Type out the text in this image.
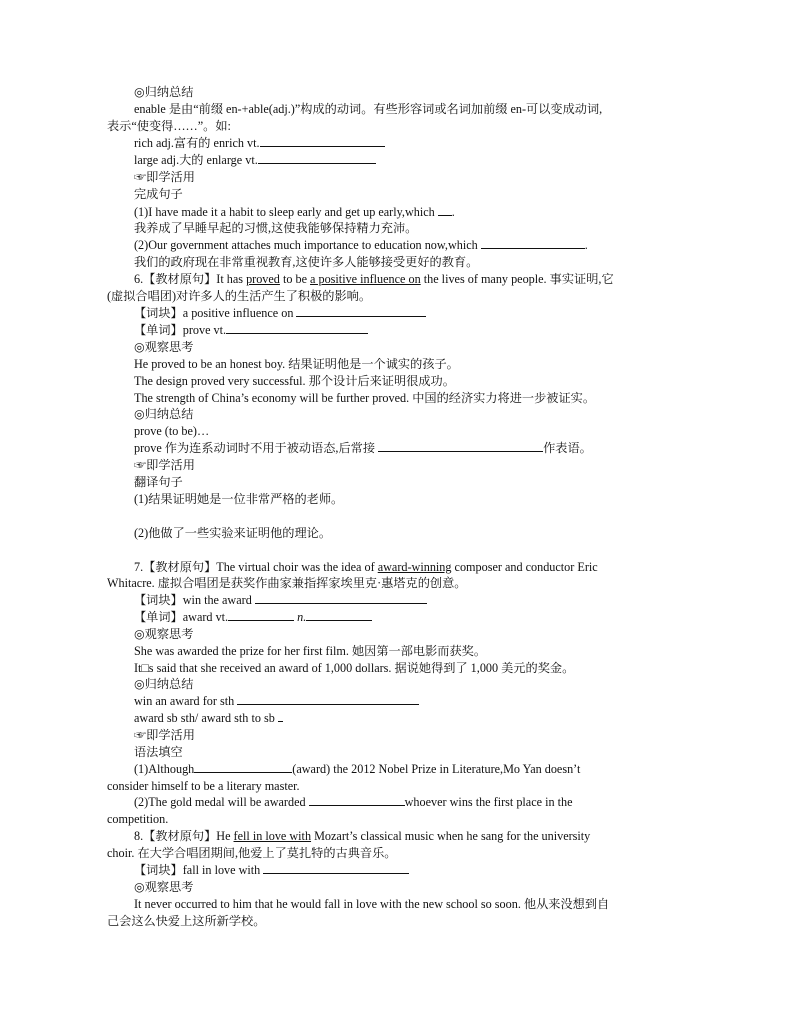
◎归纳总结
enable 是由“前缀 en-+able(adj.)”构成的动词。有些形容词或名词加前缀 en-可以变成动词,
表示“使变得……”。如:
rich adj.富有的 enrich vt.
large adj.大的 enlarge vt.
☞即学活用
完成句子
(1)I have made it a habit to sleep early and get up early,which .
我养成了早睡早起的习惯,这使我能够保持精力充沛。
(2)Our government attaches much importance to education now,which	.
我们的政府现在非常重视教育,这使许多人能够接受更好的教育。
6.【教材原句】It has proved to be a positive influence on the lives of many people. 事实证明,它
(虚拟合唱团)对许多人的生活产生了积极的影响。
【词块】a positive influence on
【单词】prove vt.
◎观察思考
He proved to be an honest boy. 结果证明他是一个诚实的孩子。
The design proved very successful. 那个设计后来证明很成功。
The strength of China’s economy will be further proved. 中国的经济实力将进一步被证实。
◎归纳总结
prove (to be)…
prove 作为连系动词时不用于被动语态,后常接	作表语。
☞即学活用
翻译句子
(1)结果证明她是一位非常严格的老师。
(2)他做了一些实验来证明他的理论。
7.【教材原句】The virtual choir was the idea of award-winning composer and conductor Eric
Whitacre. 虚拟合唱团是获奖作曲家兼指挥家埃里克·惠塔克的创意。
【词块】win the award
【单词】award vt.	n.
◎观察思考
She was awarded the prize for her first film. 她因第一部电影而获奖。
It□s said that she received an award of 1,000 dollars. 据说她得到了 1,000 美元的奖金。
◎归纳总结
win an award for sth
award sb sth/ award sth to sb
☞即学活用
语法填空
(1)Although	(award) the 2012 Nobel Prize in Literature,Mo Yan doesn’t
consider himself to be a literary master.
(2)The gold medal will be awarded	whoever wins the first place in the
competition.
8.【教材原句】He fell in love with Mozart’s classical music when he sang for the university
choir. 在大学合唱团期间,他爱上了莫扎特的古典音乐。
【词块】fall in love with
◎观察思考
It never occurred to him that he would fall in love with the new school so soon. 他从来没想到自
己会这么快爱上这所新学校。
